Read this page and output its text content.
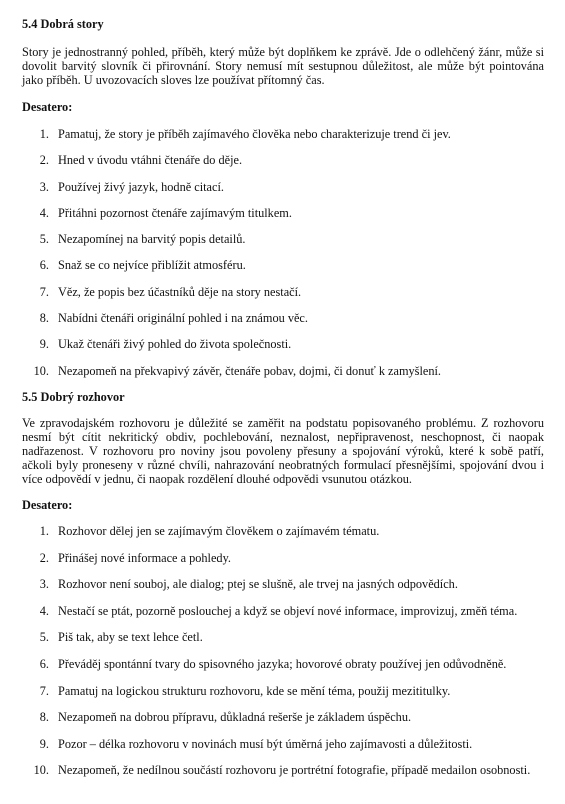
5.4 Dobrá story

Story je jednostranný pohled, příběh, který může být doplňkem ke zprávě. Jde o odlehčený žánr, může si dovolit barvitý slovník či přirovnání. Story nemusí mít sestupnou důležitost, ale může být pointována jako příběh. U uvozovacích sloves lze používat přítomný čas.

Desatero:

1. Pamatuj, že story je příběh zajímavého člověka nebo charakterizuje trend či jev.
2. Hned v úvodu vtáhni čtenáře do děje.
3. Používej živý jazyk, hodně citací.
4. Přitáhni pozornost čtenáře zajímavým titulkem.
5. Nezapomínej na barvitý popis detailů.
6. Snaž se co nejvíce přiblížit atmosféru.
7. Věz, že popis bez účastníků děje na story nestačí.
8. Nabídni čtenáři originální pohled i na známou věc.
9. Ukaž čtenáři živý pohled do života společnosti.
10. Nezapomeň na překvapivý závěr, čtenáře pobav, dojmi, či donuť k zamyšlení.
5.5 Dobrý rozhovor

Ve zpravodajském rozhovoru je důležité se zaměřit na podstatu popisovaného problému. Z rozhovoru nesmí být cítit nekritický obdiv, pochlebování, neznalost, nepřipravenost, neschopnost, či naopak nadřazenost. V rozhovoru pro noviny jsou povoleny přesuny a spojování výroků, které k sobě patří, ačkoli byly proneseny v různé chvíli, nahrazování neobratných formulací přesnějšími, spojování dvou i více odpovědí v jednu, či naopak rozdělení dlouhé odpovědi vsunutou otázkou.

Desatero:

1. Rozhovor dělej jen se zajímavým člověkem o zajímavém tématu.
2. Přinášej nové informace a pohledy.
3. Rozhovor není souboj, ale dialog; ptej se slušně, ale trvej na jasných odpovědích.
4. Nestačí se ptát, pozorně poslouchej a když se objeví nové informace, improvizuj, změň téma.
5. Piš tak, aby se text lehce četl.
6. Převáděj spontánní tvary do spisovného jazyka; hovorové obraty používej jen odůvodněně.
7. Pamatuj na logickou strukturu rozhovoru, kde se mění téma, použij mezititulky.
8. Nezapomeň na dobrou přípravu, důkladná rešerše je základem úspěchu.
9. Pozor – délka rozhovoru v novinách musí být úměrná jeho zajímavosti a důležitosti.
10. Nezapomeň, že nedílnou součástí rozhovoru je portrétní fotografie, případě medailon osobnosti.
